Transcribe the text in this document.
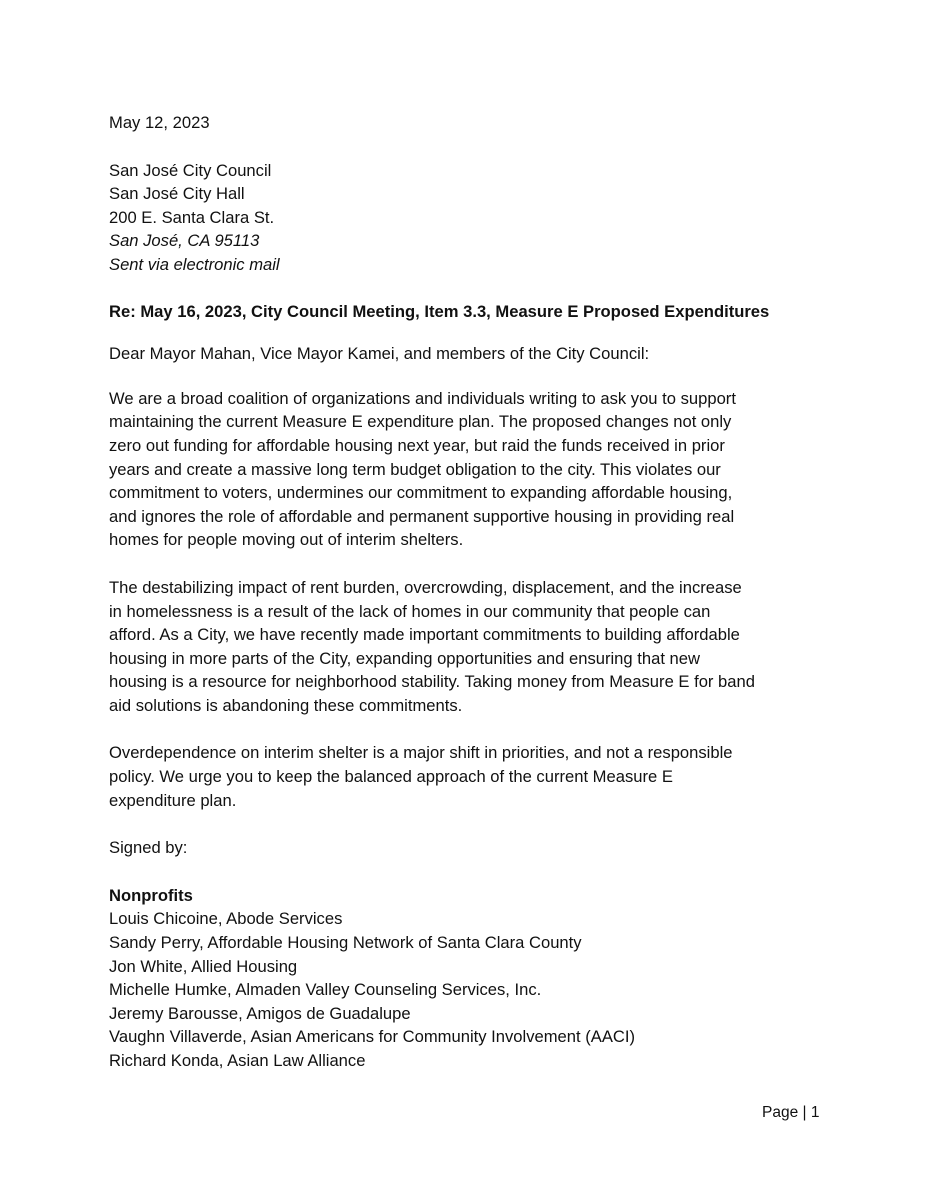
May 12, 2023
San José City Council
San José City Hall
200 E. Santa Clara St.
San José, CA 95113
Sent via electronic mail
Re: May 16, 2023, City Council Meeting, Item 3.3, Measure E Proposed Expenditures
Dear Mayor Mahan, Vice Mayor Kamei, and members of the City Council:
We are a broad coalition of organizations and individuals writing to ask you to support
maintaining the current Measure E expenditure plan. The proposed changes not only
zero out funding for affordable housing next year, but raid the funds received in prior
years and create a massive long term budget obligation to the city. This violates our
commitment to voters, undermines our commitment to expanding affordable housing,
and ignores the role of affordable and permanent supportive housing in providing real
homes for people moving out of interim shelters.
The destabilizing impact of rent burden, overcrowding, displacement, and the increase
in homelessness is a result of the lack of homes in our community that people can
afford. As a City, we have recently made important commitments to building affordable
housing in more parts of the City, expanding opportunities and ensuring that new
housing is a resource for neighborhood stability. Taking money from Measure E for band
aid solutions is abandoning these commitments.
Overdependence on interim shelter is a major shift in priorities, and not a responsible
policy. We urge you to keep the balanced approach of the current Measure E
expenditure plan.
Signed by:
Nonprofits
Louis Chicoine, Abode Services
Sandy Perry, Affordable Housing Network of Santa Clara County
Jon White, Allied Housing
Michelle Humke, Almaden Valley Counseling Services, Inc.
Jeremy Barousse, Amigos de Guadalupe
Vaughn Villaverde, Asian Americans for Community Involvement (AACI)
Richard Konda, Asian Law Alliance
Page | 1
